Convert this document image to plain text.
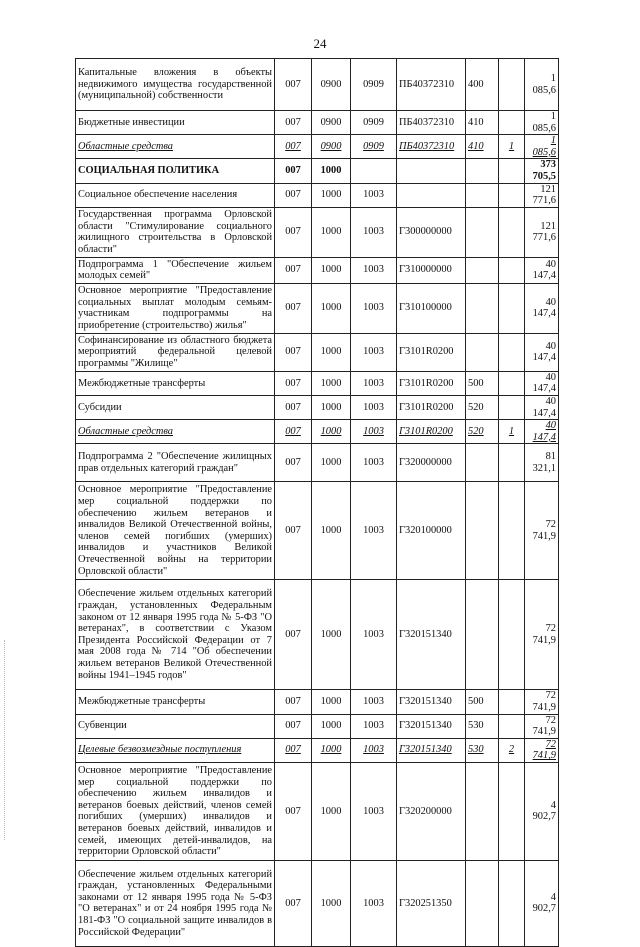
24
Капитальные вложения в объекты недвижимого имущества государственной (муниципальной) собственности	007	0900	0909	ПБ40372310	400		1 085,6
Бюджетные инвестиции	007	0900	0909	ПБ40372310	410		1 085,6
Областные средства	007	0900	0909	ПБ40372310	410	1	1 085,6
СОЦИАЛЬНАЯ ПОЛИТИКА	007	1000					373 705,5
Социальное обеспечение населения	007	1000	1003				121 771,6
Государственная программа Орловской области "Стимулирование социального жилищного строительства в Орловской области"	007	1000	1003	Г300000000			121 771,6
Подпрограмма 1 "Обеспечение жильем молодых семей"	007	1000	1003	Г310000000			40 147,4
Основное мероприятие "Предоставление социальных выплат молодым семьям-участникам подпрограммы на приобретение (строительство) жилья"	007	1000	1003	Г310100000			40 147,4
Софинансирование из областного бюджета мероприятий федеральной целевой программы "Жилище"	007	1000	1003	Г3101R0200			40 147,4
Межбюджетные трансферты	007	1000	1003	Г3101R0200	500		40 147,4
Субсидии	007	1000	1003	Г3101R0200	520		40 147,4
Областные средства	007	1000	1003	Г3101R0200	520	1	40 147,4
Подпрограмма 2 "Обеспечение жилищных прав отдельных категорий граждан"	007	1000	1003	Г320000000			81 321,1
Основное мероприятие "Предоставление мер социальной поддержки по обеспечению жильем ветеранов и инвалидов Великой Отечественной войны, членов семей погибших (умерших) инвалидов и участников Великой Отечественной войны на территории Орловской области"	007	1000	1003	Г320100000			72 741,9
Обеспечение жильем отдельных категорий граждан, установленных Федеральным законом от 12 января 1995 года № 5-ФЗ "О ветеранах", в соответствии с Указом Президента Российской Федерации от 7 мая 2008 года № 714 "Об обеспечении жильем ветеранов Великой Отечественной войны 1941–1945 годов"	007	1000	1003	Г320151340			72 741,9
Межбюджетные трансферты	007	1000	1003	Г320151340	500		72 741,9
Субвенции	007	1000	1003	Г320151340	530		72 741,9
Целевые безвозмездные поступления	007	1000	1003	Г320151340	530	2	72 741,9
Основное мероприятие "Предоставление мер социальной поддержки по обеспечению жильем инвалидов и ветеранов боевых действий, членов семей погибших (умерших) инвалидов и ветеранов боевых действий, инвалидов и семей, имеющих детей-инвалидов, на территории Орловской области"	007	1000	1003	Г320200000			4 902,7
Обеспечение жильем отдельных категорий граждан, установленных Федеральными законами от 12 января 1995 года № 5-ФЗ "О ветеранах" и от 24 ноября 1995 года № 181-ФЗ "О социальной защите инвалидов в Российской Федерации"	007	1000	1003	Г320251350			4 902,7
